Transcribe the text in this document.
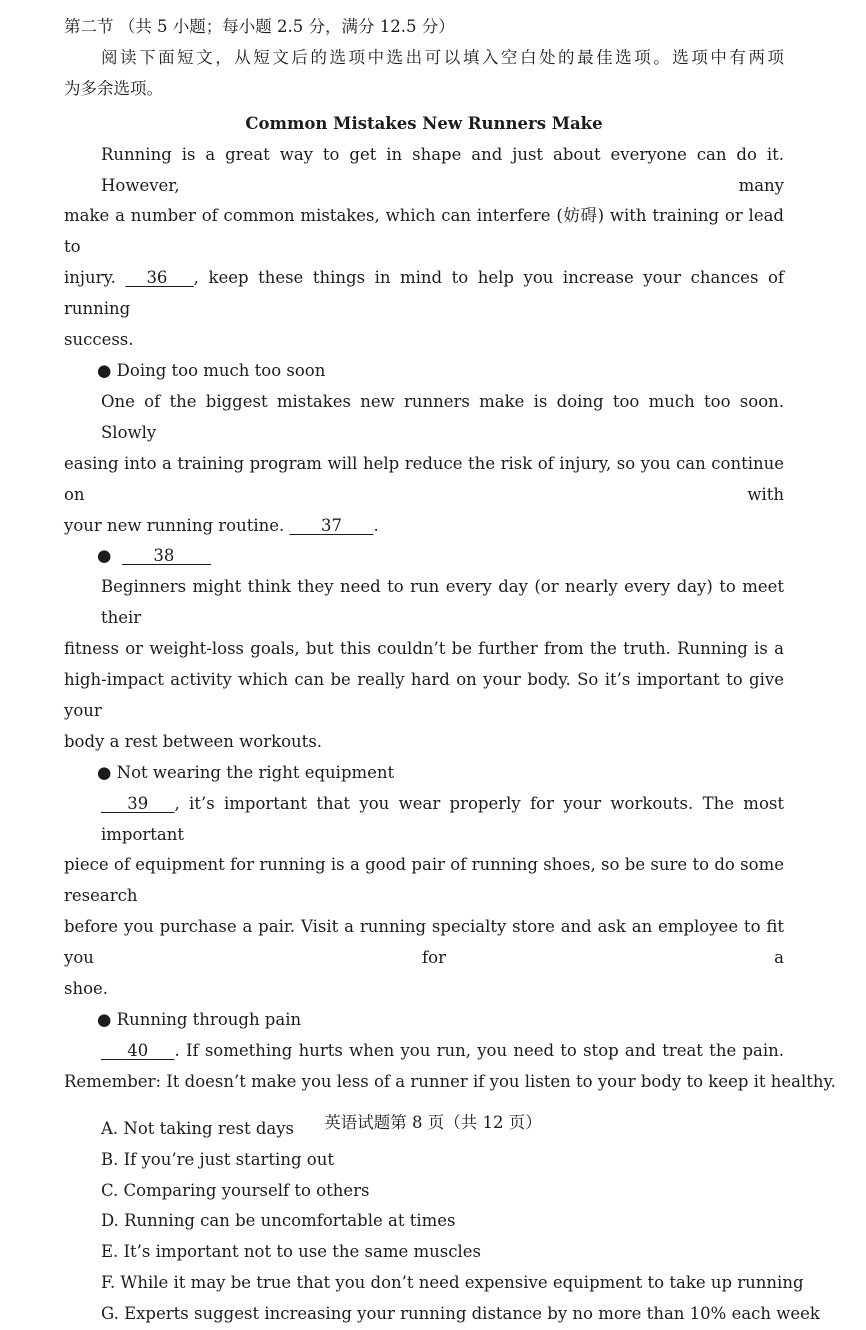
第二节 （共 5 小题；每小题 2.5 分，满分 12.5 分）
阅读下面短文，从短文后的选项中选出可以填入空白处的最佳选项。选项中有两项
为多余选项。
Common Mistakes New Runners Make
Running is a great way to get in shape and just about everyone can do it. However, many
make a number of common mistakes, which can interfere (妨碍) with training or lead to
injury. 36 , keep these things in mind to help you increase your chances of running
success.
● Doing too much too soon
One of the biggest mistakes new runners make is doing too much too soon. Slowly
easing into a training program will help reduce the risk of injury, so you can continue on with
your new running routine. 37 .
●        38
Beginners might think they need to run every day (or nearly every day) to meet their
fitness or weight-loss goals, but this couldn’t be further from the truth. Running is a
high-impact activity which can be really hard on your body. So it’s important to give your
body a rest between workouts.
● Not wearing the right equipment
39 , it’s important that you wear properly for your workouts. The most important
piece of equipment for running is a good pair of running shoes, so be sure to do some research
before you purchase a pair. Visit a running specialty store and ask an employee to fit you for a
shoe.
● Running through pain
40 . If something hurts when you run, you need to stop and treat the pain.
Remember: It doesn’t make you less of a runner if you listen to your body to keep it healthy.
A. Not taking rest days
B. If you’re just starting out
C. Comparing yourself to others
D. Running can be uncomfortable at times
E. It’s important not to use the same muscles
F. While it may be true that you don’t need expensive equipment to take up running
G. Experts suggest increasing your running distance by no more than 10% each week
英语试题第 8 页（共 12 页）
